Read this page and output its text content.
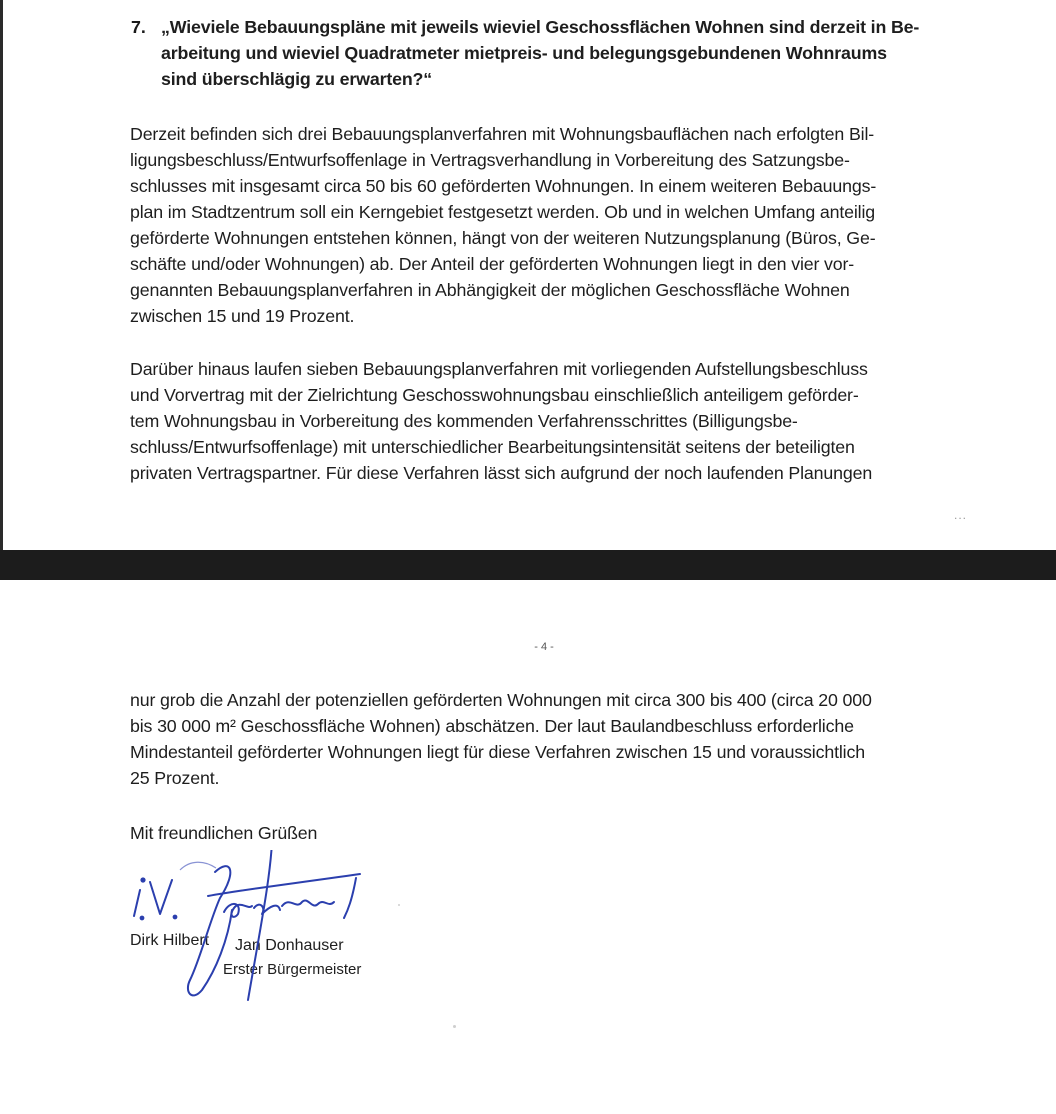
7. „Wieviele Bebauungspläne mit jeweils wieviel Geschossflächen Wohnen sind derzeit in Be-

arbeitung und wieviel Quadratmeter mietpreis- und belegungsgebundenen Wohnraums

sind überschlägig zu erwarten?“

Derzeit befinden sich drei Bebauungsplanverfahren mit Wohnungsbauflächen nach erfolgten Bil-

ligungsbeschluss/Entwurfsoffenlage in Vertragsverhandlung in Vorbereitung des Satzungsbe-

schlusses mit insgesamt circa 50 bis 60 geförderten Wohnungen. In einem weiteren Bebauungs-

plan im Stadtzentrum soll ein Kerngebiet festgesetzt werden. Ob und in welchen Umfang anteilig

geförderte Wohnungen entstehen können, hängt von der weiteren Nutzungsplanung (Büros, Ge-

schäfte und/oder Wohnungen) ab. Der Anteil der geförderten Wohnungen liegt in den vier vor-

genannten Bebauungsplanverfahren in Abhängigkeit der möglichen Geschossfläche Wohnen

zwischen 15 und 19 Prozent.

Darüber hinaus laufen sieben Bebauungsplanverfahren mit vorliegenden Aufstellungsbeschluss

und Vorvertrag mit der Zielrichtung Geschosswohnungsbau einschließlich anteiligem geförder-

tem Wohnungsbau in Vorbereitung des kommenden Verfahrensschrittes (Billigungsbe-

schluss/Entwurfsoffenlage) mit unterschiedlicher Bearbeitungsintensität seitens der beteiligten

privaten Vertragspartner. Für diese Verfahren lässt sich aufgrund der noch laufenden Planungen

...
- 4 -

nur grob die Anzahl der potenziellen geförderten Wohnungen mit circa 300 bis 400 (circa 20 000

bis 30 000 m² Geschossfläche Wohnen) abschätzen. Der laut Baulandbeschluss erforderliche

Mindestanteil geförderter Wohnungen liegt für diese Verfahren zwischen 15 und voraussichtlich

25 Prozent.

Mit freundlichen Grüßen

Dirk Hilbert Jan Donhauser
Erster Bürgermeister
